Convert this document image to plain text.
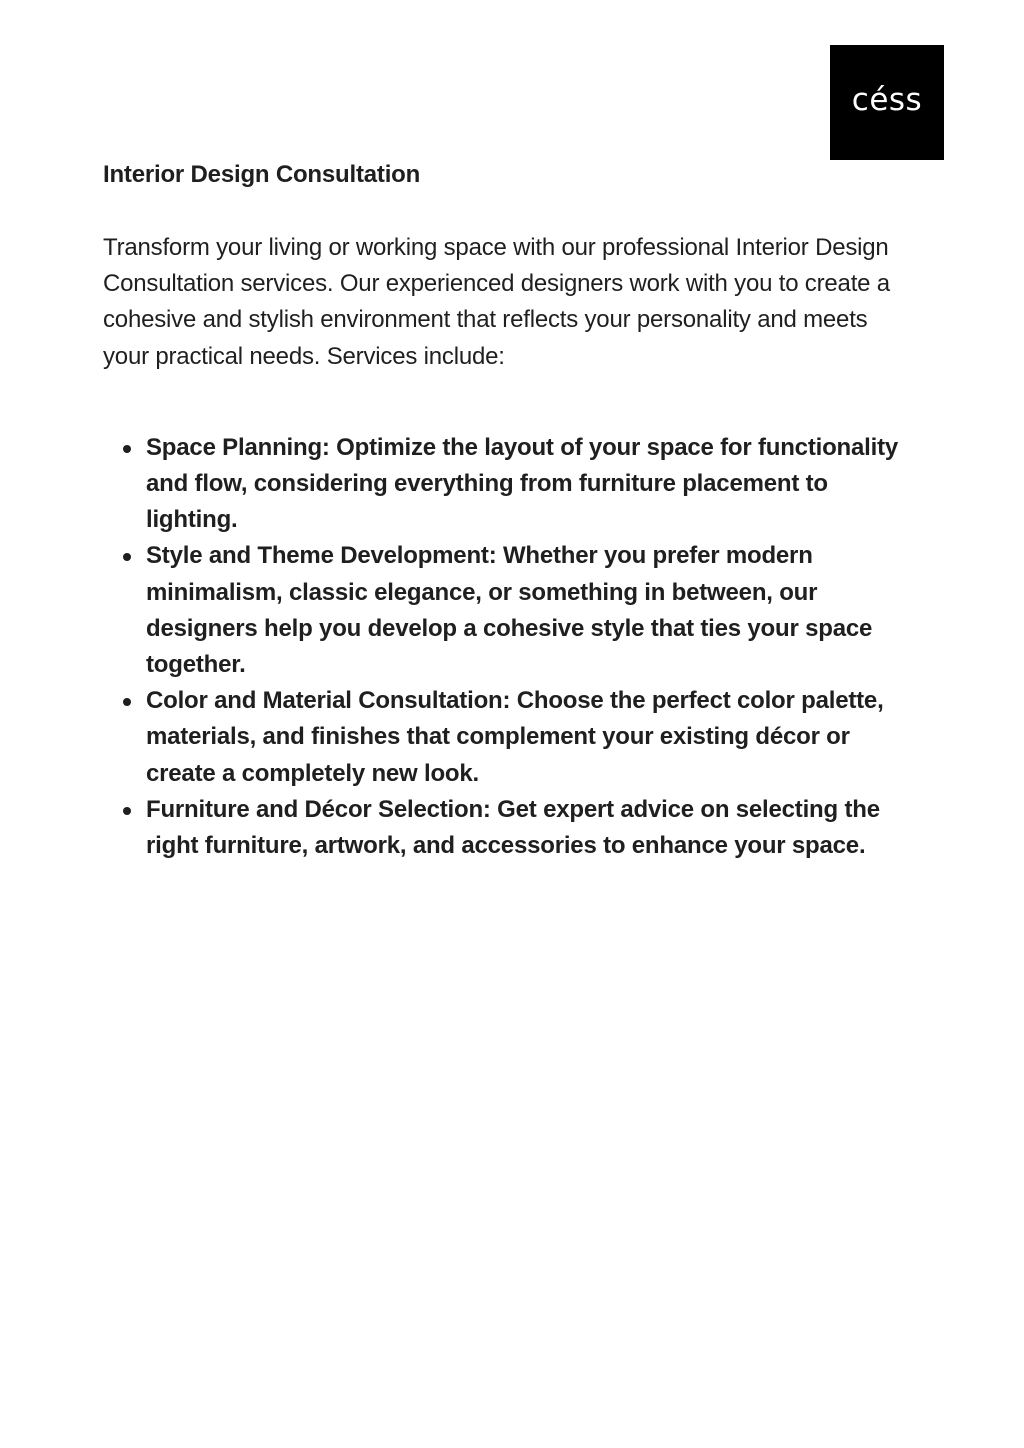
céss
Interior Design Consultation

Transform your living or working space with our professional Interior Design Consultation services. Our experienced designers work with you to create a cohesive and stylish environment that reflects your personality and meets your practical needs. Services include:

Space Planning: Optimize the layout of your space for functionality and flow, considering everything from furniture placement to lighting.
Style and Theme Development: Whether you prefer modern minimalism, classic elegance, or something in between, our designers help you develop a cohesive style that ties your space together.
Color and Material Consultation: Choose the perfect color palette, materials, and finishes that complement your existing décor or create a completely new look.
Furniture and Décor Selection: Get expert advice on selecting the right furniture, artwork, and accessories to enhance your space.
